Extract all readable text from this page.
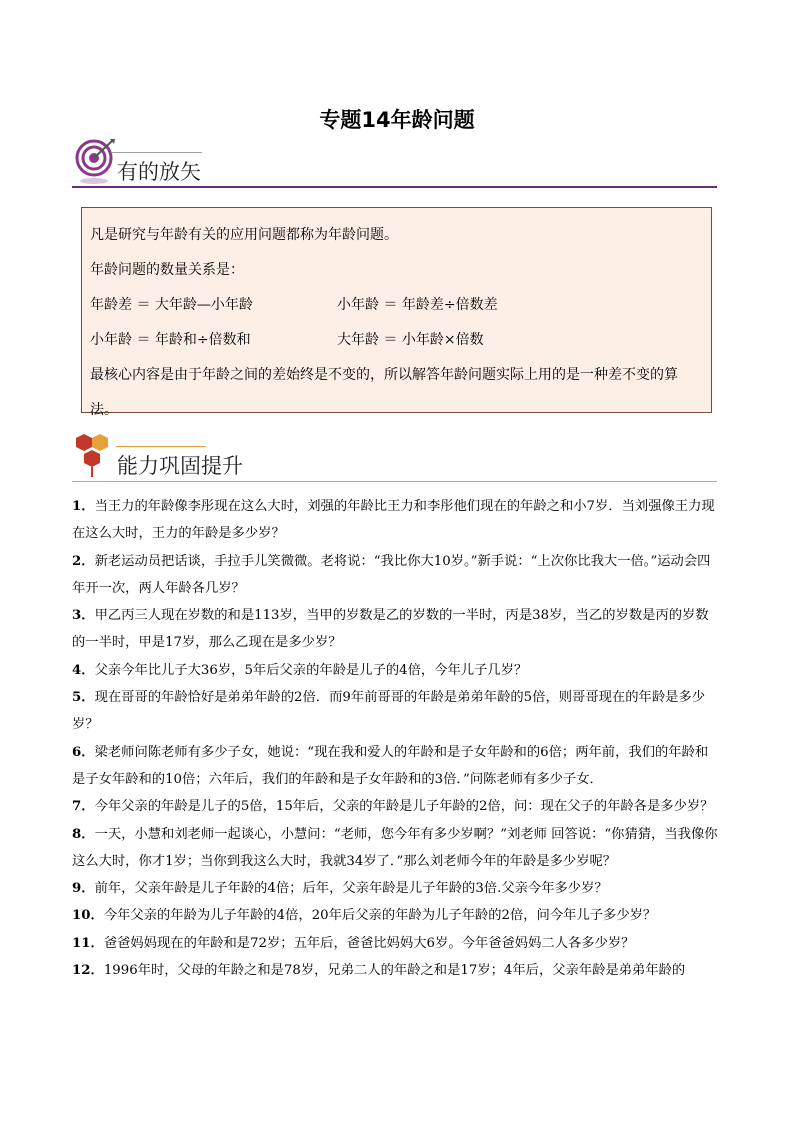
专题14年龄问题
有的放矢

凡是研究与年龄有关的应用问题都称为年龄问题。

年龄问题的数量关系是：

年龄差 ＝ 大年龄—小年龄	小年龄 ＝ 年龄差÷倍数差

小年龄 ＝ 年龄和÷倍数和	大年龄 ＝ 小年龄×倍数

最核心内容是由于年龄之间的差始终是不变的，所以解答年龄问题实际上用的是一种差不变的算法。

能力巩固提升

1．当王力的年龄像李彤现在这么大时，刘强的年龄比王力和李彤他们现在的年龄之和小7岁．当刘强像王力现在这么大时，王力的年龄是多少岁？

2．新老运动员把话谈，手拉手儿笑微微。老将说：“我比你大10岁。”新手说：“上次你比我大一倍。”运动会四年开一次，两人年龄各几岁？

3．甲乙丙三人现在岁数的和是113岁，当甲的岁数是乙的岁数的一半时，丙是38岁，当乙的岁数是丙的岁数的一半时，甲是17岁，那么乙现在是多少岁？

4．父亲今年比儿子大36岁，5年后父亲的年龄是儿子的4倍，今年儿子几岁？

5．现在哥哥的年龄恰好是弟弟年龄的2倍．而9年前哥哥的年龄是弟弟年龄的5倍，则哥哥现在的年龄是多少岁？

6．梁老师问陈老师有多少子女，她说：“现在我和爱人的年龄和是子女年龄和的6倍；两年前，我们的年龄和是子女年龄和的10倍；六年后，我们的年龄和是子女年龄和的3倍．”问陈老师有多少子女．

7．今年父亲的年龄是儿子的5倍，15年后，父亲的年龄是儿子年龄的2倍，问：现在父子的年龄各是多少岁？

8．一天，小慧和刘老师一起谈心，小慧问：“老师，您今年有多少岁啊？”刘老师 回答说：“你猜猜，当我像你这么大时，你才1岁；当你到我这么大时，我就34岁了．”那么刘老师今年的年龄是多少岁呢？

9．前年，父亲年龄是儿子年龄的4倍；后年，父亲年龄是儿子年龄的3倍.父亲今年多少岁？

10．今年父亲的年龄为儿子年龄的4倍，20年后父亲的年龄为儿子年龄的2倍，问今年儿子多少岁？

11．爸爸妈妈现在的年龄和是72岁；五年后，爸爸比妈妈大6岁。今年爸爸妈妈二人各多少岁？

12．1996年时，父母的年龄之和是78岁，兄弟二人的年龄之和是17岁；4年后，父亲年龄是弟弟年龄的
